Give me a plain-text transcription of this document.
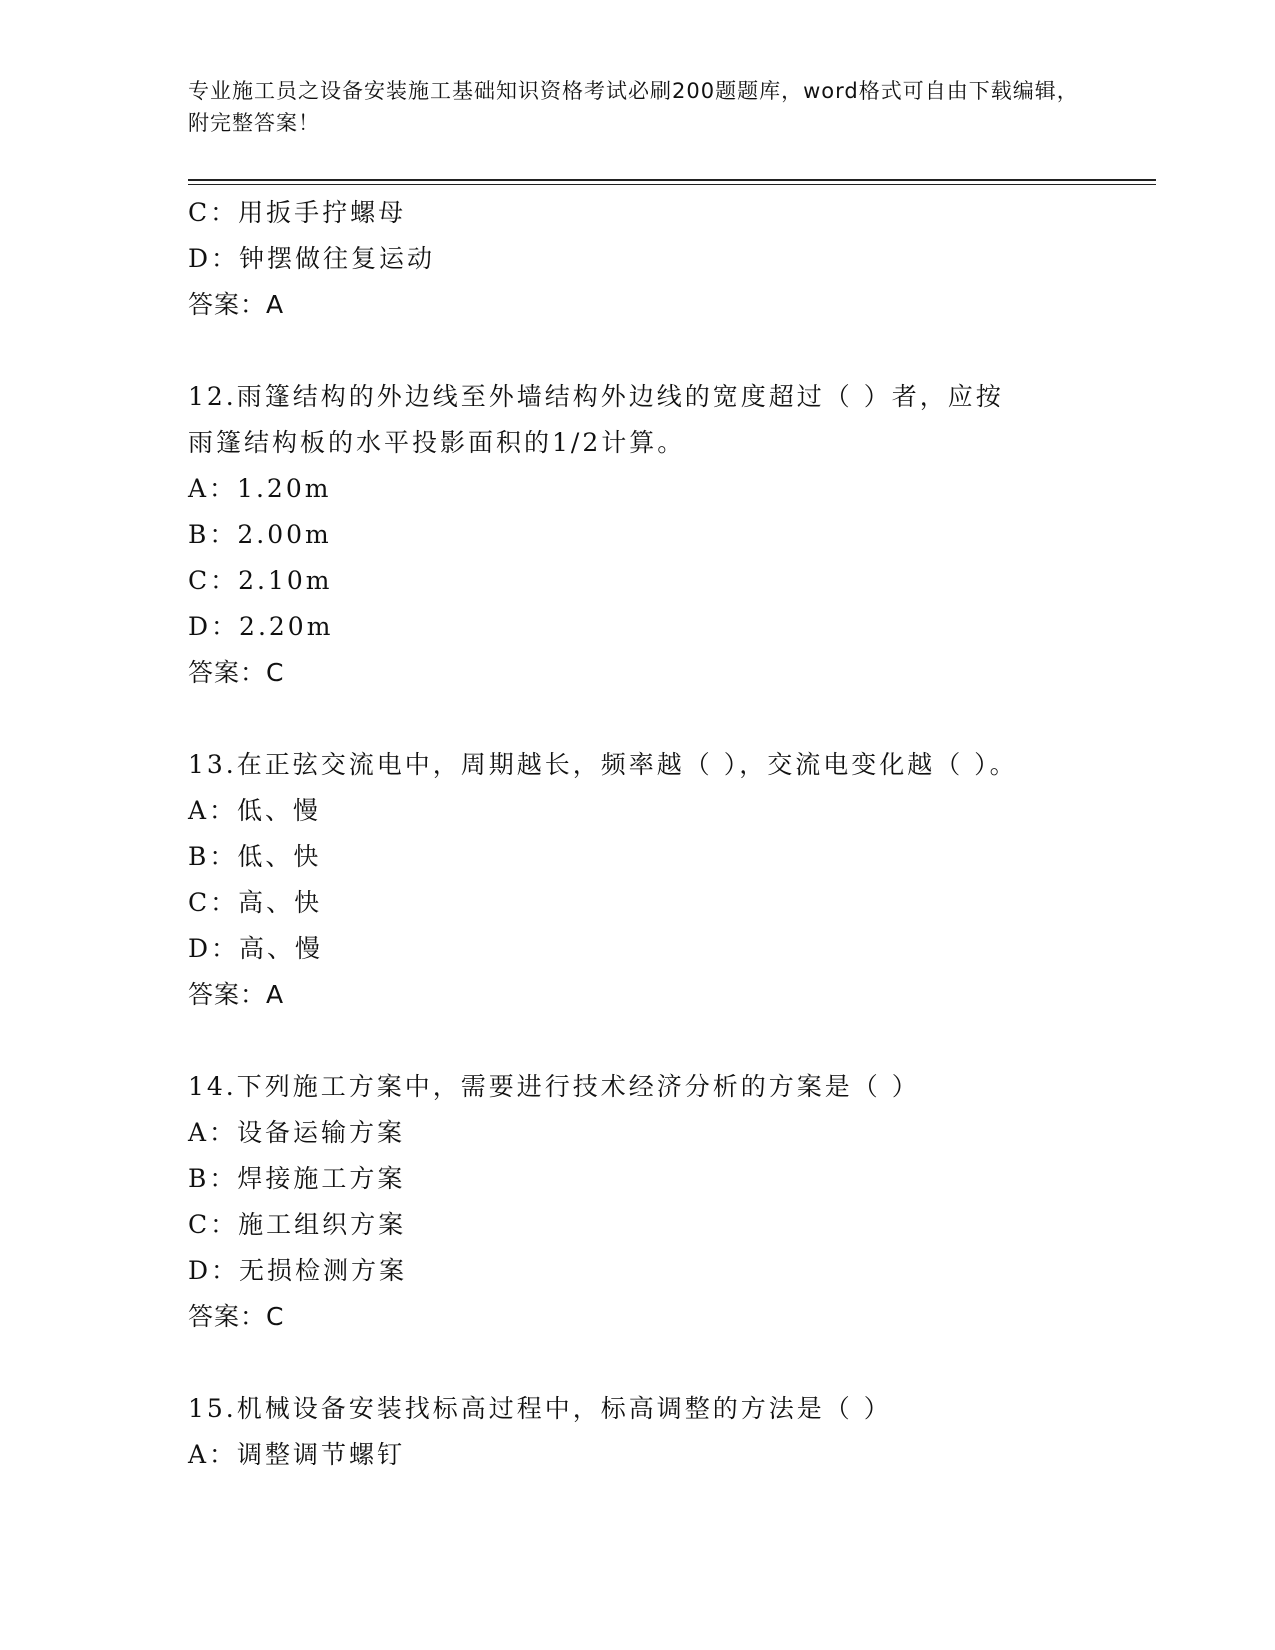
专业施工员之设备安装施工基础知识资格考试必刷200题题库，word格式可自由下载编辑，附完整答案！
C：用扳手拧螺母
D：钟摆做往复运动
答案：A
12.雨篷结构的外边线至外墙结构外边线的宽度超过（ ）者，应按雨篷结构板的水平投影面积的1/2计算。
A：1.20m
B：2.00m
C：2.10m
D：2.20m
答案：C
13.在正弦交流电中，周期越长，频率越（ ），交流电变化越（ ）。
A：低、慢
B：低、快
C：高、快
D：高、慢
答案：A
14.下列施工方案中，需要进行技术经济分析的方案是（ ）
A：设备运输方案
B：焊接施工方案
C：施工组织方案
D：无损检测方案
答案：C
15.机械设备安装找标高过程中，标高调整的方法是（ ）
A：调整调节螺钉
